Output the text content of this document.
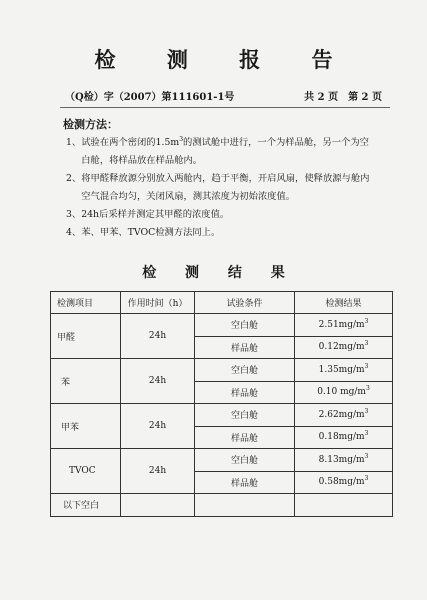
检 测 报 告
（Q检）字（2007）第111601-1号	共 2 页　第 2 页
检测方法：
1、 试验在两个密闭的$1.5m^3$的测试舱中进行，一个为样品舱，另一个为空白舱，将样品放在样品舱内。
2、 将甲醛释放源分别放入两舱内，趋于平衡，开启风扇，使释放源与舱内空气混合均匀，关闭风扇，测其浓度为初始浓度值。
3、 24h后采样并测定其甲醛的浓度值。
4、 苯、甲苯、TVOC检测方法同上。
检 测 结 果
检测项目	作用时间（h）	试验条件	检测结果
甲醛	24h	空白舱	$2.51mg/m^3$
		样品舱	$0.12mg/m^3$
苯	24h	空白舱	$1.35mg/m^3$
		样品舱	0.10 $mg/m^3$
甲苯	24h	空白舱	$2.62mg/m^3$
		样品舱	$0.18mg/m^3$
TVOC	24h	空白舱	$8.13mg/m^3$
		样品舱	$0.58mg/m^3$
以下空白			
